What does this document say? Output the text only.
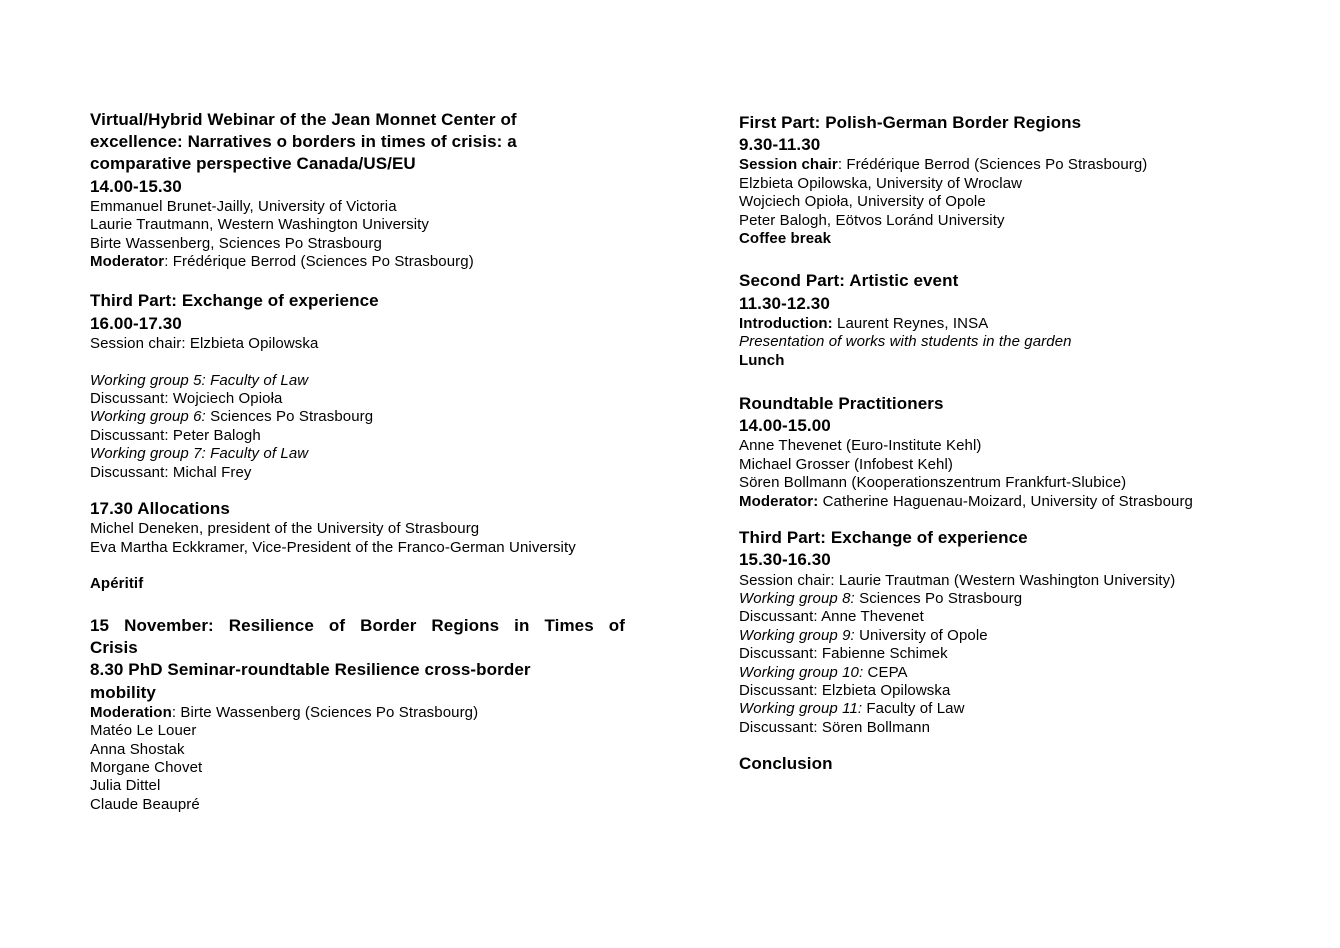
Virtual/Hybrid Webinar of the Jean Monnet Center of
excellence: Narratives o borders in times of crisis: a
comparative perspective Canada/US/EU
14.00-15.30
Emmanuel Brunet-Jailly, University of Victoria
Laurie Trautmann, Western Washington University
Birte Wassenberg, Sciences Po Strasbourg
Moderator: Frédérique Berrod (Sciences Po Strasbourg)
Third Part: Exchange of experience
16.00-17.30
Session chair: Elzbieta Opilowska
Working group 5: Faculty of Law
Discussant: Wojciech Opioła
Working group 6: Sciences Po Strasbourg
Discussant: Peter Balogh
Working group 7: Faculty of Law
Discussant: Michal Frey
17.30 Allocations
Michel Deneken, president of the University of Strasbourg
Eva Martha Eckkramer, Vice-President of the Franco-German University
Apéritif
15 November: Resilience of Border Regions in Times of
Crisis
8.30 PhD Seminar-roundtable Resilience cross-border
mobility
Moderation: Birte Wassenberg (Sciences Po Strasbourg)
Matéo Le Louer
Anna Shostak
Morgane Chovet
Julia Dittel
Claude Beaupré
First Part: Polish-German Border Regions
9.30-11.30
Session chair: Frédérique Berrod (Sciences Po Strasbourg)
Elzbieta Opilowska, University of Wroclaw
Wojciech Opioła, University of Opole
Peter Balogh, Eötvos Loránd University
Coffee break
Second Part: Artistic event
11.30-12.30
Introduction: Laurent Reynes, INSA
Presentation of works with students in the garden
Lunch
Roundtable Practitioners
14.00-15.00
Anne Thevenet (Euro-Institute Kehl)
Michael Grosser (Infobest Kehl)
Sören Bollmann (Kooperationszentrum Frankfurt-Slubice)
Moderator: Catherine Haguenau-Moizard, University of Strasbourg
Third Part: Exchange of experience
15.30-16.30
Session chair: Laurie Trautman (Western Washington University)
Working group 8: Sciences Po Strasbourg
Discussant: Anne Thevenet
Working group 9: University of Opole
Discussant: Fabienne Schimek
Working group 10: CEPA
Discussant: Elzbieta Opilowska
Working group 11: Faculty of Law
Discussant: Sören Bollmann
Conclusion
